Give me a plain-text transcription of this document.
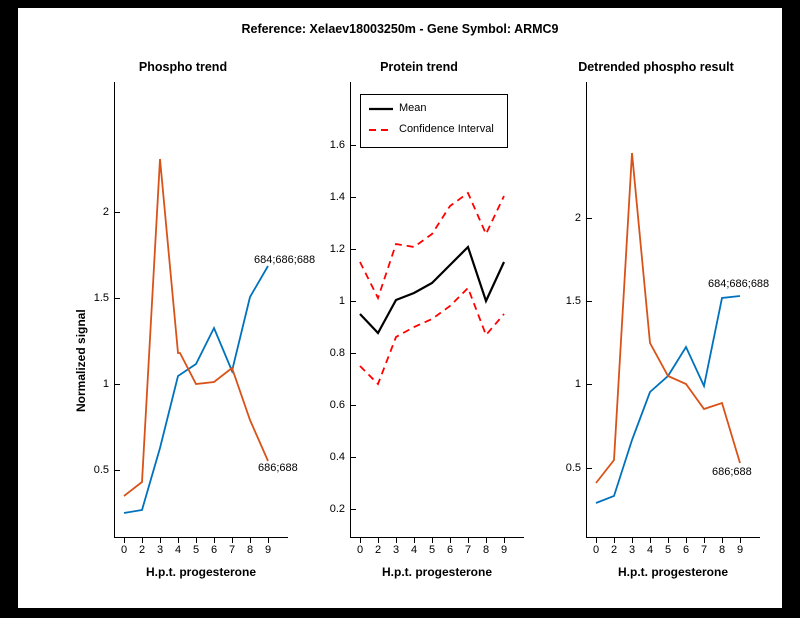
Reference: Xelaev18003250m - Gene Symbol: ARMC9
Phospho trend
0.5
1
1.5
2
0 2 3 4 5 6 7 8 9
684;686;688
686;688
H.p.t. progesterone
Normalized signal
Protein trend
0.2
0.4
0.6
0.8
1
1.2
1.4
1.6
0 2 3 4 5 6 7 8 9
Mean
Confidence Interval
H.p.t. progesterone
Detrended phospho result
0.5
1
1.5
2
0 2 3 4 5 6 7 8 9
684;686;688
686;688
H.p.t. progesterone
